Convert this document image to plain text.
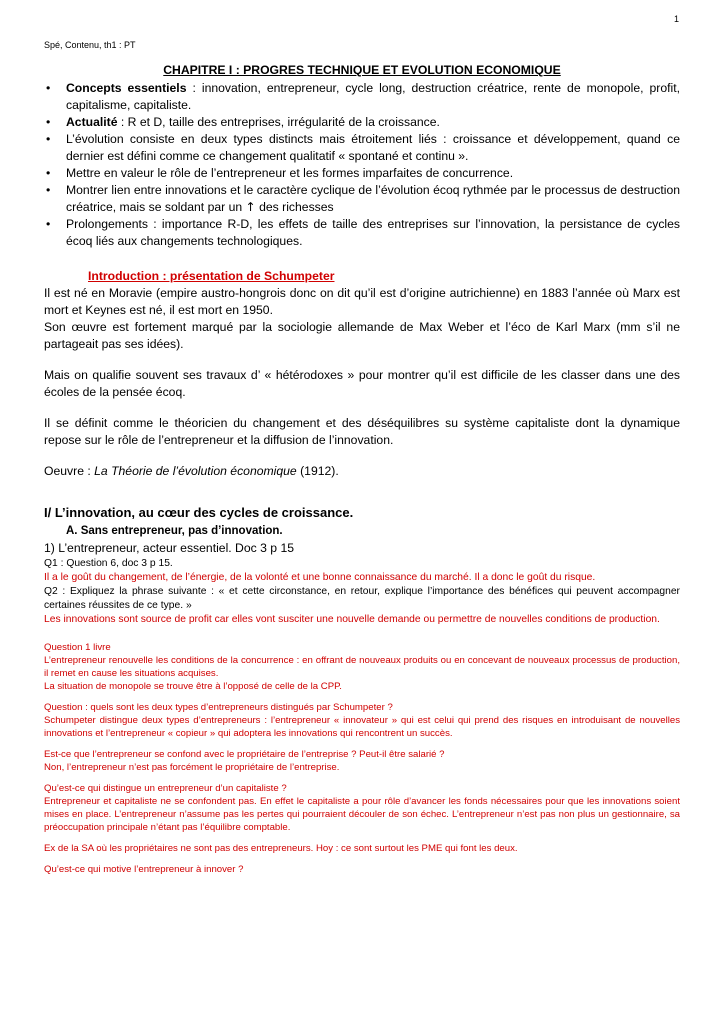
1
Spé, Contenu, th1 : PT
CHAPITRE I : PROGRES TECHNIQUE ET EVOLUTION ECONOMIQUE
• Concepts essentiels : innovation, entrepreneur, cycle long, destruction créatrice, rente de monopole, profit, capitalisme, capitaliste.
• Actualité : R et D, taille des entreprises, irrégularité de la croissance.
• L’évolution consiste en deux types distincts mais étroitement liés : croissance et développement, quand ce dernier est défini comme ce changement qualitatif « spontané et continu ».
• Mettre en valeur le rôle de l’entrepreneur et les formes imparfaites de concurrence.
• Montrer lien entre innovations et le caractère cyclique de l’évolution écoq rythmée par le processus de destruction créatrice, mais se soldant par un ↑ des richesses
• Prolongements : importance R-D, les effets de taille des entreprises sur l’innovation, la persistance de cycles écoq liés aux changements technologiques.
Introduction : présentation de Schumpeter

Il est né en Moravie (empire austro-hongrois donc on dit qu’il est d’origine autrichienne) en 1883 l’année où Marx est mort et Keynes est né, il est mort en 1950.

Son œuvre est fortement marqué par la sociologie allemande de Max Weber et l’éco de Karl Marx (mm s’il ne partageait pas ses idées).

Mais on qualifie souvent ses travaux d’ « hétérodoxes » pour montrer qu’il est difficile de les classer dans une des écoles de la pensée écoq.

Il se définit comme le théoricien du changement et des déséquilibres su système capitaliste dont la dynamique repose sur le rôle de l’entrepreneur et la diffusion de l’innovation.

Oeuvre : La Théorie de l’évolution économique (1912).

I/ L’innovation, au cœur des cycles de croissance.
A. Sans entrepreneur, pas d’innovation.

1) L’entrepreneur, acteur essentiel. Doc 3 p 15

Q1 : Question 6, doc 3 p 15.

Il a le goût du changement, de l’énergie, de la volonté et une bonne connaissance du marché. Il a donc le goût du risque.

Q2 : Expliquez la phrase suivante : « et cette circonstance, en retour, explique l’importance des bénéfices qui peuvent accompagner certaines réussites de ce type. »

Les innovations sont source de profit car elles vont susciter une nouvelle demande ou permettre de nouvelles conditions de production.

Question 1 livre

L’entrepreneur renouvelle les conditions de la concurrence : en offrant de nouveaux produits ou en concevant de nouveaux processus de production, il remet en cause les situations acquises.

La situation de monopole se trouve être à l’opposé de celle de la CPP.

Question : quels sont les deux types d’entrepreneurs distingués par Schumpeter ?

Schumpeter distingue deux types d’entrepreneurs : l’entrepreneur « innovateur » qui est celui qui prend des risques en introduisant de nouvelles innovations et l’entrepreneur « copieur » qui adoptera les innovations qui rencontrent un succès.

Est-ce que l’entrepreneur se confond avec le propriétaire de l’entreprise ? Peut-il être salarié ?

Non, l’entrepreneur n’est pas forcément le propriétaire de l’entreprise.

Qu’est-ce qui distingue un entrepreneur d’un capitaliste ?

Entrepreneur et capitaliste ne se confondent pas. En effet le capitaliste a pour rôle d’avancer les fonds nécessaires pour que les innovations soient mises en place. L’entrepreneur n’assume pas les pertes qui pourraient découler de son échec. L’entrepreneur n’est pas non plus un gestionnaire, sa préoccupation principale n’étant pas l’équilibre comptable.

Ex de la SA où les propriétaires ne sont pas des entrepreneurs. Hoy : ce sont surtout les PME qui font les deux.

Qu’est-ce qui motive l’entrepreneur à innover ?
